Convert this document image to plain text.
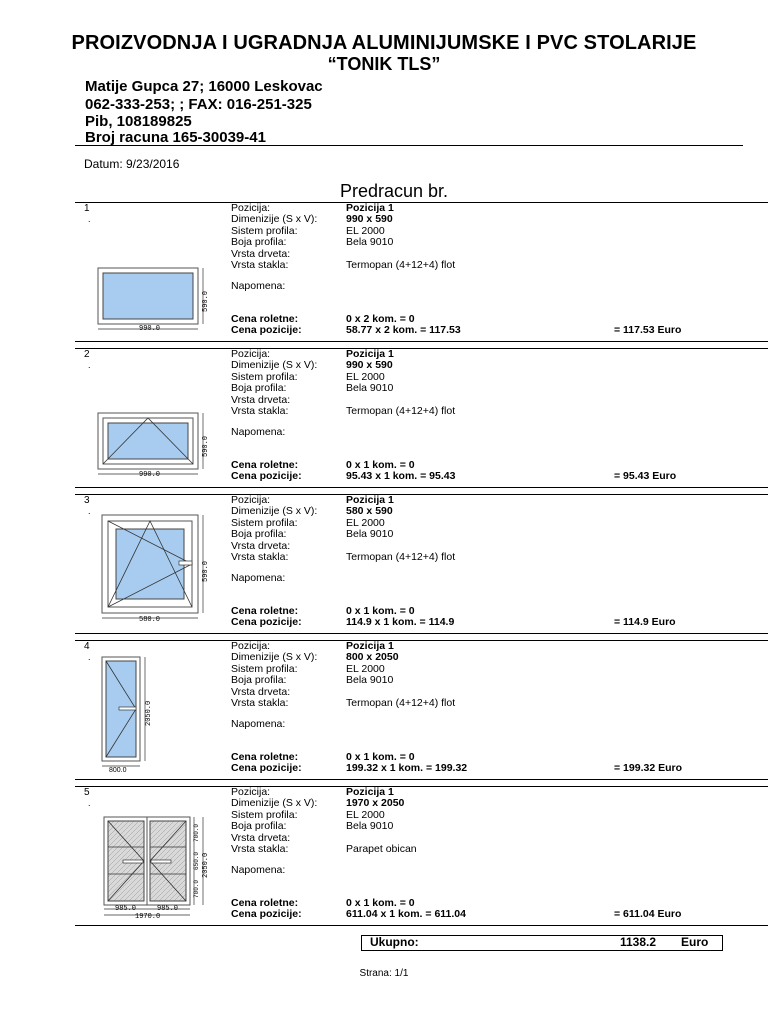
PROIZVODNJA I UGRADNJA ALUMINIJUMSKE I PVC STOLARIJE
“TONIK TLS”
Matije Gupca 27; 16000 Leskovac
062-333-253; ; FAX: 016-251-325
Pib, 108189825
Broj racuna 165-30039-41
Datum: 9/23/2016
Predracun br.
1
.
Pozicija:	Pozicija 1
Dimenizije (S x V):	990 x 590
Sistem profila:	EL 2000
Boja profila:	Bela 9010
Vrsta drveta:
Vrsta stakla:	Termopan (4+12+4) flot
Napomena:
Cena roletne:	0 x 2 kom. = 0
Cena pozicije:	58.77 x 2 kom. = 117.53	= 117.53 Euro
990.0
590.0
2
.
Pozicija:	Pozicija 1
Dimenizije (S x V):	990 x 590
Sistem profila:	EL 2000
Boja profila:	Bela 9010
Vrsta drveta:
Vrsta stakla:	Termopan (4+12+4) flot
Napomena:
Cena roletne:	0 x 1 kom. = 0
Cena pozicije:	95.43 x 1 kom. = 95.43	= 95.43 Euro
990.0
590.0
3
.
Pozicija:	Pozicija 1
Dimenizije (S x V):	580 x 590
Sistem profila:	EL 2000
Boja profila:	Bela 9010
Vrsta drveta:
Vrsta stakla:	Termopan (4+12+4) flot
Napomena:
Cena roletne:	0 x 1 kom. = 0
Cena pozicije:	114.9 x 1 kom. = 114.9	= 114.9 Euro
580.0
590.0
4
.
Pozicija:	Pozicija 1
Dimenizije (S x V):	800 x 2050
Sistem profila:	EL 2000
Boja profila:	Bela 9010
Vrsta drveta:
Vrsta stakla:	Termopan (4+12+4) flot
Napomena:
Cena roletne:	0 x 1 kom. = 0
Cena pozicije:	199.32 x 1 kom. = 199.32	= 199.32 Euro
800.0
2050.0
5
.
Pozicija:	Pozicija 1
Dimenizije (S x V):	1970 x 2050
Sistem profila:	EL 2000
Boja profila:	Bela 9010
Vrsta drveta:
Vrsta stakla:	Parapet obican
Napomena:
Cena roletne:	0 x 1 kom. = 0
Cena pozicije:	611.04 x 1 kom. = 611.04	= 611.04 Euro
985.0	985.0
1970.0
700.0
650.0
700.0
2050.0
Ukupno:	1138.2 Euro
Strana: 1/1
